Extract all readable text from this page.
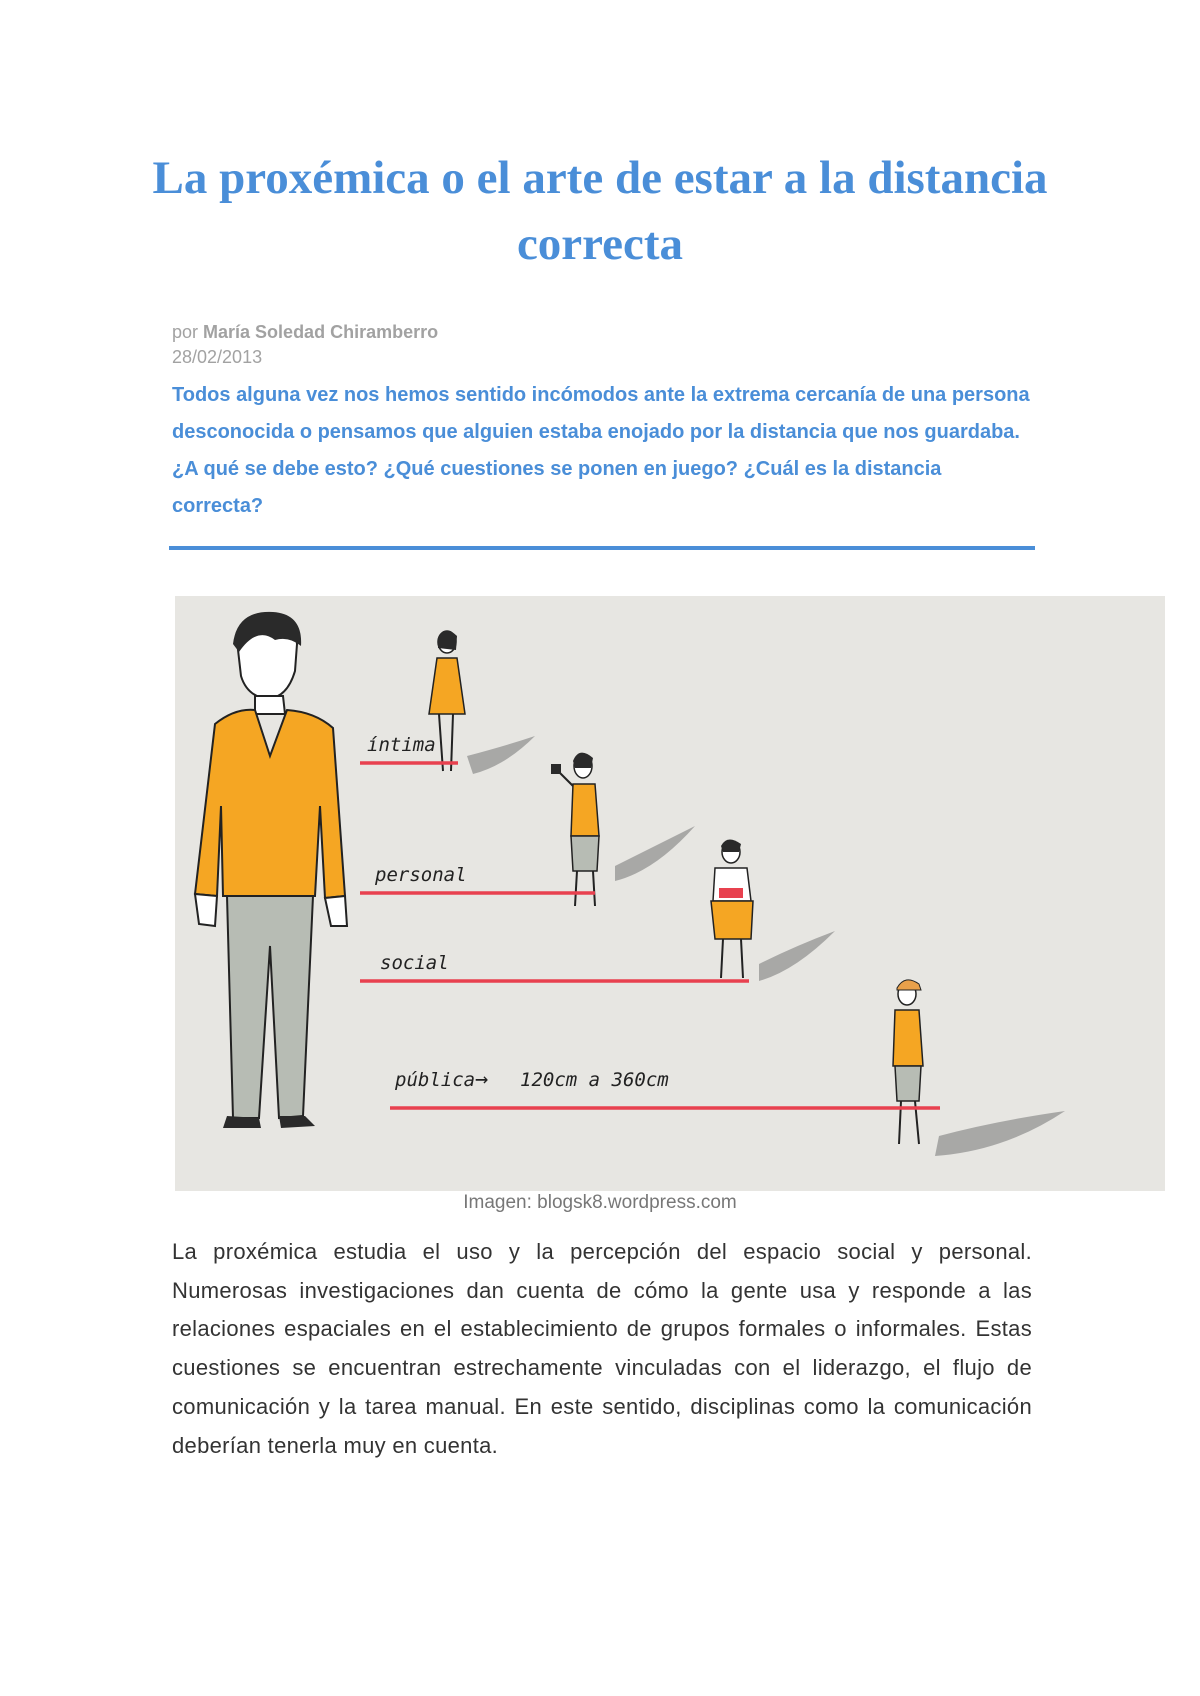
La proxémica o el arte de estar a la distancia correcta
por María Soledad Chiramberro
28/02/2013

Todos alguna vez nos hemos sentido incómodos ante la extrema cercanía de una persona desconocida o pensamos que alguien estaba enojado por la distancia que nos guardaba. ¿A qué se debe esto? ¿Qué cuestiones se ponen en juego? ¿Cuál es la distancia correcta?

íntima
personal
social
pública → 120cm a 360cm
Imagen: blogsk8.wordpress.com

La proxémica estudia el uso y la percepción del espacio social y personal. Numerosas investigaciones dan cuenta de cómo la gente usa y responde a las relaciones espaciales en el establecimiento de grupos formales o informales. Estas cuestiones se encuentran estrechamente vinculadas con el liderazgo, el flujo de comunicación y la tarea manual. En este sentido, disciplinas como la comunicación deberían tenerla muy en cuenta.
